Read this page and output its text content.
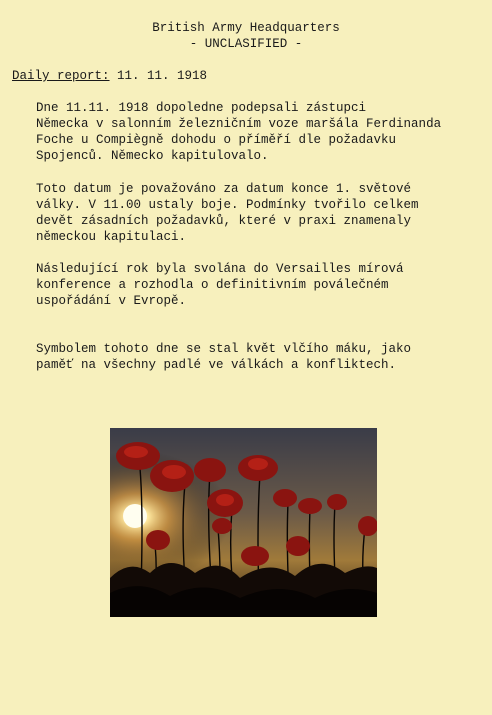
British Army Headquarters
- UNCLASIFIED -
Daily report: 11. 11. 1918

Dne 11.11. 1918 dopoledne podepsali zástupci
Německa v salonním železničním voze maršála Ferdinanda
Foche u Compiègně dohodu o příměří dle požadavku
Spojenců. Německo kapitulovalo.

Toto datum je považováno za datum konce 1. světové
války. V 11.00 ustaly boje. Podmínky tvořilo celkem
devět zásadních požadavků, které v praxi znamenaly
německou kapitulaci.

Následující rok byla svolána do Versailles mírová
konference a rozhodla o definitivním poválečném
uspořádání v Evropě.

Symbolem tohoto dne se stal květ vlčího máku, jako
paměť na všechny padlé ve válkách a konfliktech.
